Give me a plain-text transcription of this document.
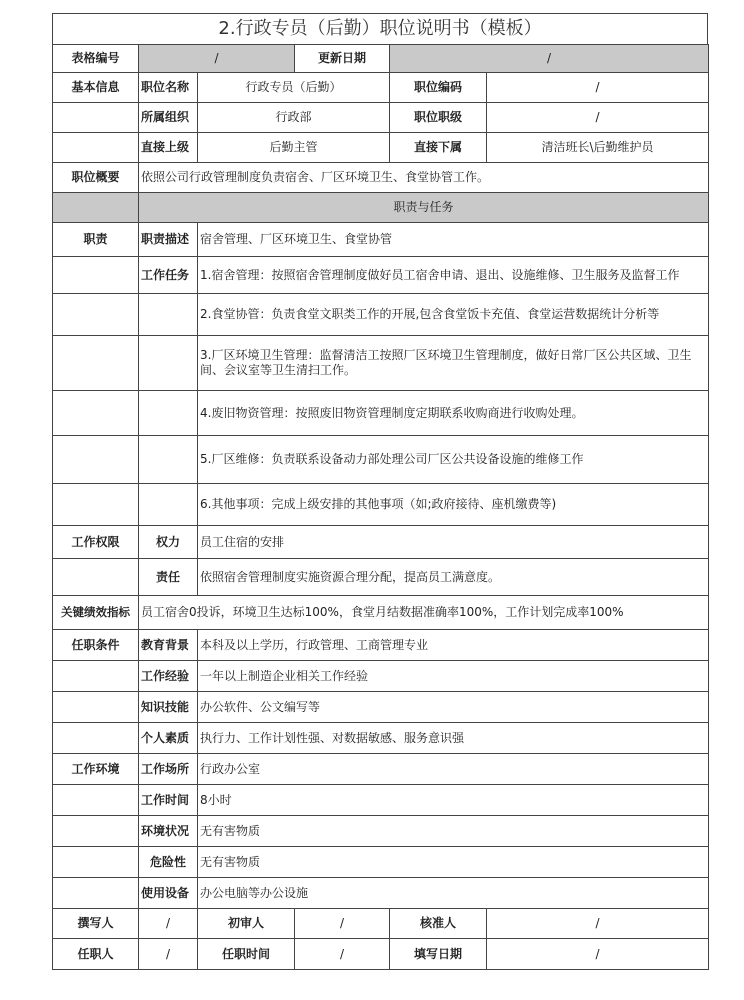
2.行政专员（后勤）职位说明书（模板）
表格编号	/		更新日期	/	
基本信息	职位名称	行政专员（后勤）		职位编码	/
	所属组织	行政部		职位职级	/
	直接上级	后勤主管		直接下属	清洁班长\后勤维护员
职位概要	依照公司行政管理制度负责宿舍、厂区环境卫生、食堂协管工作。				
	职责与任务				
职责	职责描述	宿舍管理、厂区环境卫生、食堂协管			
	工作任务	1.宿舍管理：按照宿舍管理制度做好员工宿舍申请、退出、设施维修、卫生服务及监督工作			
		2.食堂协管：负责食堂文职类工作的开展,包含食堂饭卡充值、食堂运营数据统计分析等			
		3.厂区环境卫生管理：监督清洁工按照厂区环境卫生管理制度，做好日常厂区公共区域、卫生间、会议室等卫生清扫工作。			
		4.废旧物资管理：按照废旧物资管理制度定期联系收购商进行收购处理。			
		5.厂区维修：负责联系设备动力部处理公司厂区公共设备设施的维修工作			
		6.其他事项：完成上级安排的其他事项（如;政府接待、座机缴费等)			
工作权限	权力	员工住宿的安排			
	责任	依照宿舍管理制度实施资源合理分配，提高员工满意度。			
关键绩效指标	员工宿舍0投诉，环境卫生达标100%，食堂月结数据准确率100%，工作计划完成率100%				
任职条件	教育背景	本科及以上学历，行政管理、工商管理专业			
	工作经验	一年以上制造企业相关工作经验			
	知识技能	办公软件、公文编写等			
	个人素质	执行力、工作计划性强、对数据敏感、服务意识强			
工作环境	工作场所	行政办公室			
	工作时间	8小时			
	环境状况	无有害物质			
	危险性	无有害物质			
	使用设备	办公电脑等办公设施			
撰写人	/	初审人	/	核准人	/
任职人	/	任职时间	/	填写日期	/
